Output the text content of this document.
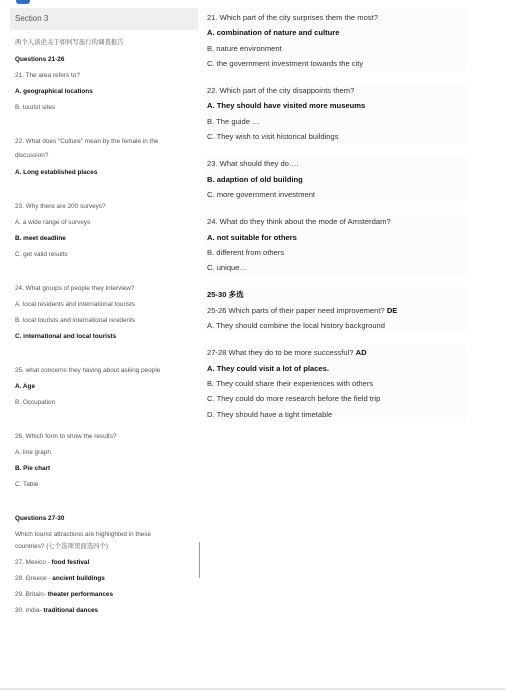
Section 3
两个人谈论关于如何写旅行的调查报告
Questions 21-26
21. The area refers to?
A. geographical locations
B. tourist sites
22. What does "Culture" mean by the female in the
discussion?
A. Long established places
23. Why there are 200 surveys?
A. a wide range of surveys
B. meet deadline
C. get valid results
24. What groups of people they interview?
A. local residents and international tourists
B. local tourists and international residents
C. international and local tourists
25. what concerns they having about asking people
A. Age
B. Occupation
26. Which form to show the results?
A. line graph
B. Pie chart
C. Table
Questions 27-30
Which tourist attractions are highlighted in these
countries? (七个选项里面选四个)
27. Mexico - food festival
28. Greece - ancient buildings
29. Britain- theater performances
30. India- traditional dances
21. Which part of the city surprises them the most?
A. combination of nature and culture
B. nature environment
C. the government investment towards the city
22. Which part of the city disappoints them?
A. They should have visited more museums
B. The guide …
C. They wish to visit historical buildings
23. What should they do….
B. adaption of old building
C. more government investment
24. What do they think about the mode of Amsterdam?
A. not suitable for others
B. different from others
C. unique…
25-30 多选
25-26 Which parts of their paper need improvement? DE
A. They should combine the local history background
27-28 What they do to be more successful? AD
A. They could visit a lot of places.
B. They could share their experiences with others
C. They could do more research before the field trip
D. They should have a tight timetable
